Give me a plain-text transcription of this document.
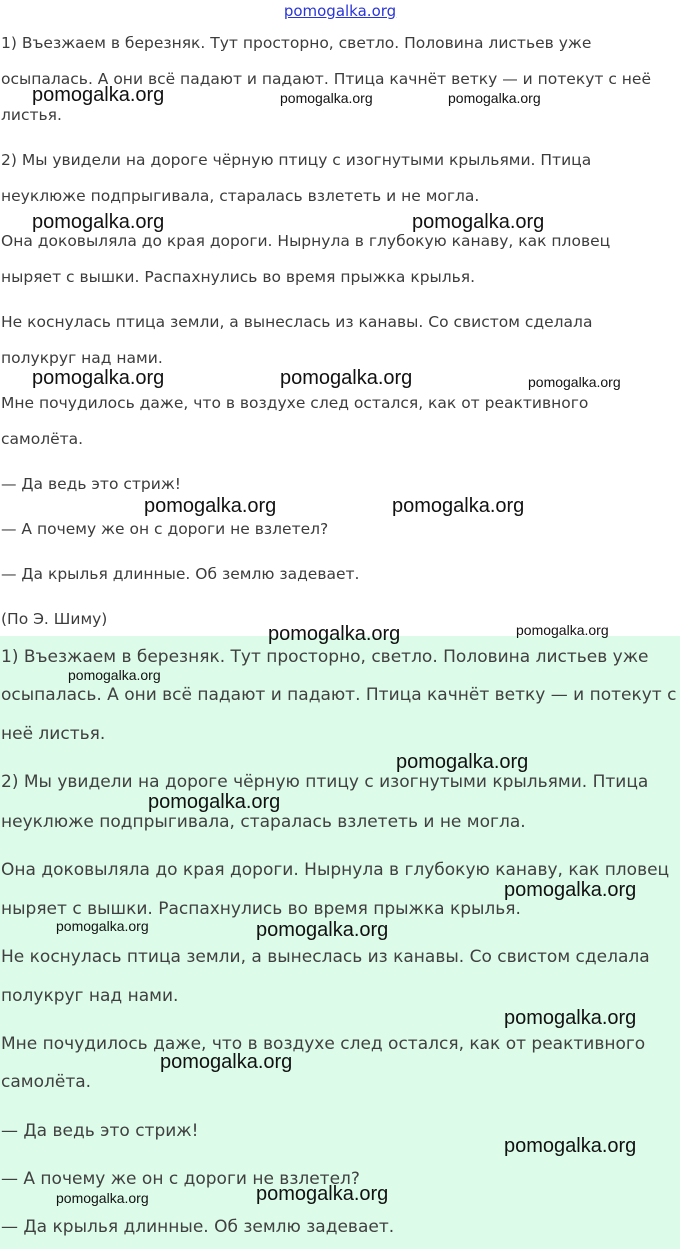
1) Въезжаем в березняк. Тут просторно, светло. Половина листьев уже
осыпалась. А они всё падают и падают. Птица качнёт ветку — и потекут с неё
листья.
2) Мы увидели на дороге чёрную птицу с изогнутыми крыльями. Птица
неуклюже подпрыгивала, старалась взлететь и не могла.
Она доковыляла до края дороги. Нырнула в глубокую канаву, как пловец
ныряет с вышки. Распахнулись во время прыжка крылья.
Не коснулась птица земли, а вынеслась из канавы. Со свистом сделала
полукруг над нами.
Мне почудилось даже, что в воздухе след остался, как от реактивного
самолёта.
— Да ведь это стриж!
— А почему же он с дороги не взлетел?
— Да крылья длинные. Об землю задевает.
(По Э. Шиму)
1) Въезжаем в березняк. Тут просторно, светло. Половина листьев уже
осыпалась. А они всё падают и падают. Птица качнёт ветку — и потекут с
неё листья.
2) Мы увидели на дороге чёрную птицу с изогнутыми крыльями. Птица
неуклюже подпрыгивала, старалась взлететь и не могла.
Она доковыляла до края дороги. Нырнула в глубокую канаву, как пловец
ныряет с вышки. Распахнулись во время прыжка крылья.
Не коснулась птица земли, а вынеслась из канавы. Со свистом сделала
полукруг над нами.
Мне почудилось даже, что в воздухе след остался, как от реактивного
самолёта.
— Да ведь это стриж!
— А почему же он с дороги не взлетел?
— Да крылья длинные. Об землю задевает.
pomogalka.org
pomogalka.org	pomogalka.org	pomogalka.org
pomogalka.org	pomogalka.org
pomogalka.org	pomogalka.org	pomogalka.org
pomogalka.org	pomogalka.org
pomogalka.org	pomogalka.org
pomogalka.org
pomogalka.org
pomogalka.org
pomogalka.org
pomogalka.org	pomogalka.org
pomogalka.org
pomogalka.org
pomogalka.org
pomogalka.org	pomogalka.org
